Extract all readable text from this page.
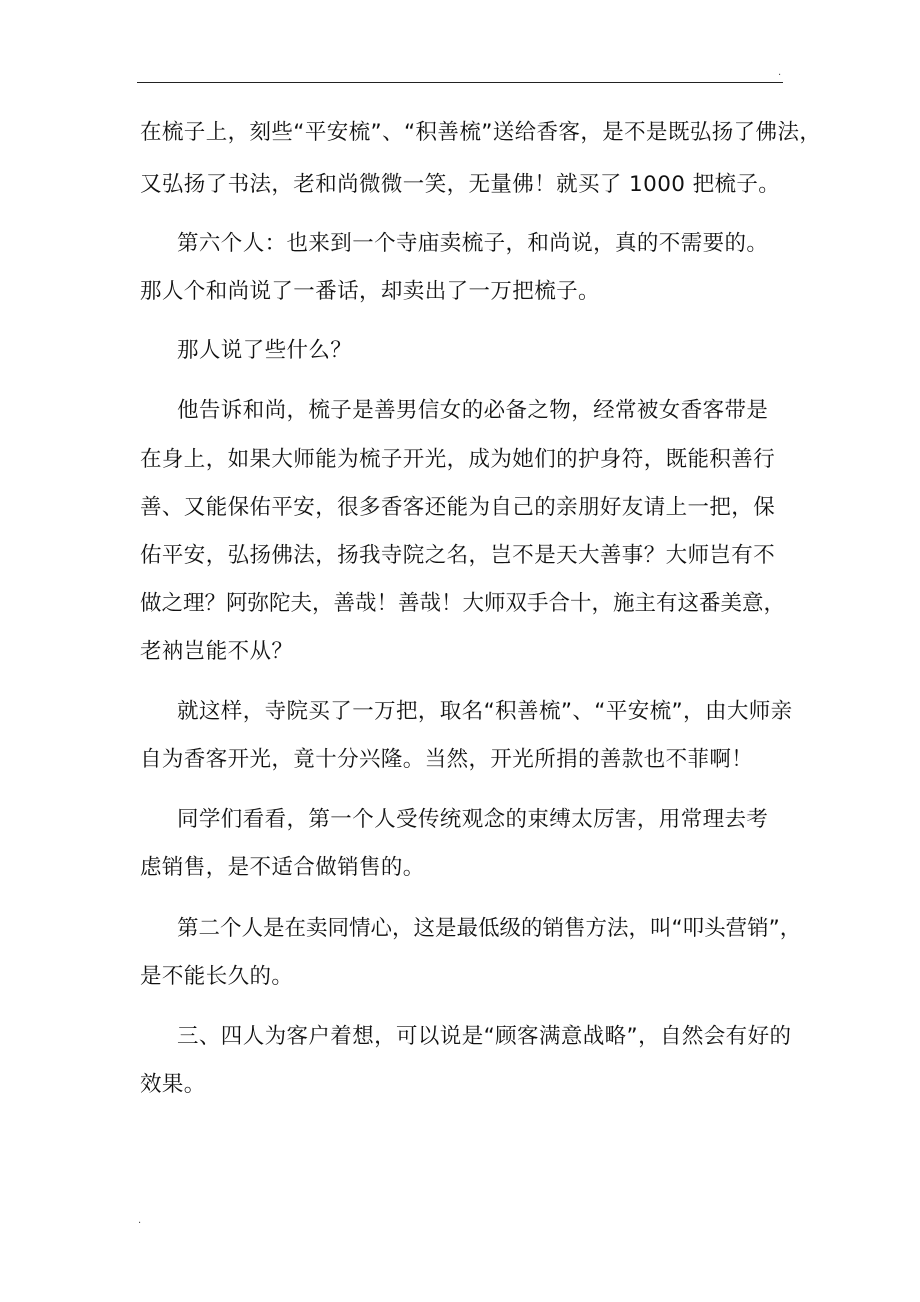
.
在梳子上，刻些“平安梳”、“积善梳”送给香客，是不是既弘扬了佛法，
又弘扬了书法，老和尚微微一笑，无量佛！就买了 1000 把梳子。
第六个人：也来到一个寺庙卖梳子，和尚说，真的不需要的。
那人个和尚说了一番话，却卖出了一万把梳子。
那人说了些什么？
他告诉和尚，梳子是善男信女的必备之物，经常被女香客带是
在身上，如果大师能为梳子开光，成为她们的护身符，既能积善行
善、又能保佑平安，很多香客还能为自己的亲朋好友请上一把，保
佑平安，弘扬佛法，扬我寺院之名，岂不是天大善事？大师岂有不
做之理？阿弥陀夫，善哉！善哉！大师双手合十，施主有这番美意，
老衲岂能不从？
就这样，寺院买了一万把，取名“积善梳”、“平安梳”，由大师亲
自为香客开光，竟十分兴隆。当然，开光所捐的善款也不菲啊！
同学们看看，第一个人受传统观念的束缚太厉害，用常理去考
虑销售，是不适合做销售的。
第二个人是在卖同情心，这是最低级的销售方法，叫“叩头营销”，
是不能长久的。
三、四人为客户着想，可以说是“顾客满意战略”，自然会有好的
效果。
.
